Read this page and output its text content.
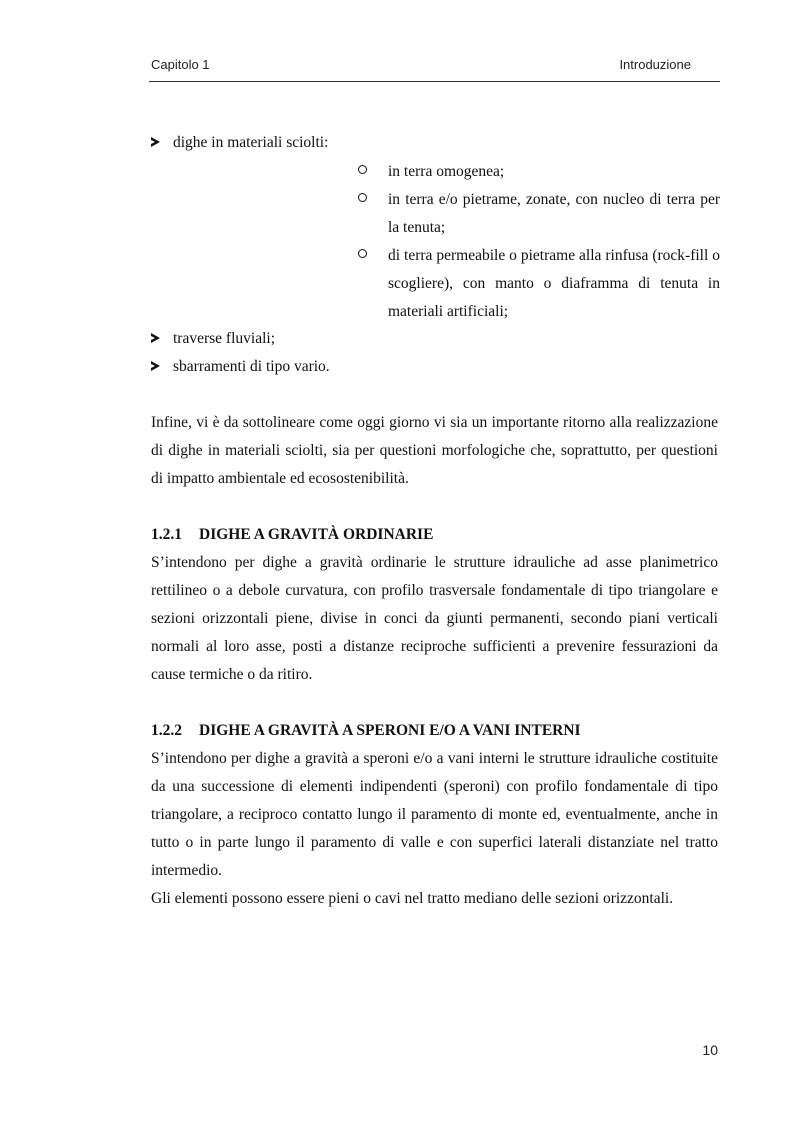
Capitolo 1	Introduzione
dighe in materiali sciolti:
in terra omogenea;
in terra e/o pietrame, zonate, con nucleo di terra per la tenuta;
di terra permeabile o pietrame alla rinfusa (rock-fill o scogliere), con manto o diaframma di tenuta in materiali artificiali;
traverse fluviali;
sbarramenti di tipo vario.

Infine, vi è da sottolineare come oggi giorno vi sia un importante ritorno alla realizzazione di dighe in materiali sciolti, sia per questioni morfologiche che, soprattutto, per questioni di impatto ambientale ed ecosostenibilità.

1.2.1 DIGHE A GRAVITÀ ORDINARIE

S’intendono per dighe a gravità ordinarie le strutture idrauliche ad asse planimetrico rettilineo o a debole curvatura, con profilo trasversale fondamentale di tipo triangolare e sezioni orizzontali piene, divise in conci da giunti permanenti, secondo piani verticali normali al loro asse, posti a distanze reciproche sufficienti a prevenire fessurazioni da cause termiche o da ritiro.

1.2.2 DIGHE A GRAVITÀ A SPERONI E/O A VANI INTERNI

S’intendono per dighe a gravità a speroni e/o a vani interni le strutture idrauliche costituite da una successione di elementi indipendenti (speroni) con profilo fondamentale di tipo triangolare, a reciproco contatto lungo il paramento di monte ed, eventualmente, anche in tutto o in parte lungo il paramento di valle e con superfici laterali distanziate nel tratto intermedio.

Gli elementi possono essere pieni o cavi nel tratto mediano delle sezioni orizzontali.

10
